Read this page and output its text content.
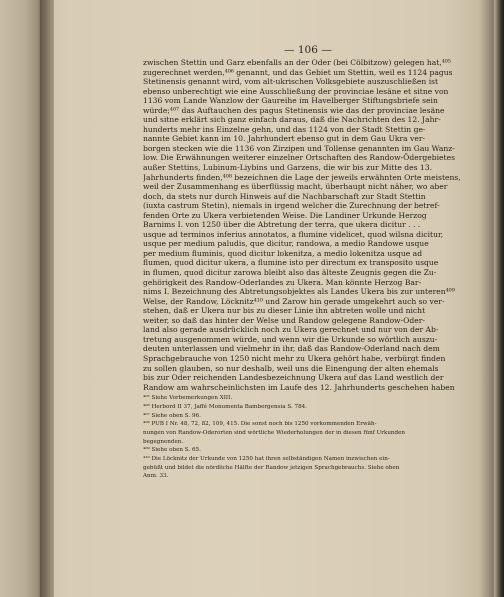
— 106 —
zwischen Stettin und Garz ebenfalls an der Oder (bei Cölbitzow) gelegen hat,⁴⁰⁵
zugerechnet werden,⁴⁰⁶ genannt, und das Gebiet um Stettin, weil es 1124 pagus
Stetinensis genannt wird, vom alt-ukrischen Volksgebiete auszuschließen ist
ebenso unberechtigt wie eine Ausschließung der provinciae lesäne et sitne von
1136 vom Lande Wanzlow der Gaureihe im Havelberger Stiftungsbriefe sein
würde;⁴⁰⁷ das Auftauchen des pagus Stetinensis wie das der provinciae lesäne
und sitne erklärt sich ganz einfach daraus, daß die Nachrichten des 12. Jahr-
hunderts mehr ins Einzelne gehn, und das 1124 von der Stadt Stettin ge-
nannte Gebiet kann im 10. Jahrhundert ebenso gut in dem Gau Ukra ver-
borgen stecken wie die 1136 von Zirzipen und Tollense genannten im Gau Wanz-
low. Die Erwähnungen weiterer einzelner Ortschaften des Randow-Ödergebietes
außer Stettins, Lubinum-Liybins und Garzens, die wir bis zur Mitte des 13.
Jahrhunderts finden,⁴⁰⁸ bezeichnen die Lage der jeweils erwähnten Orte meistens,
weil der Zusammenhang es überflüssig macht, überhaupt nicht näher, wo aber
doch, da stets nur durch Hinweis auf die Nachbarschaft zur Stadt Stettin
(iuxta castrum Stetin), niemals in irgend welcher die Zurechnung der betref-
fenden Orte zu Ukera verbietenden Weise. Die Landiner Urkunde Herzog
Barnims I. von 1250 über die Abtretung der terra, que ukera dicitur . . .
usque ad terminos inferius annotatos, a flumine videlicet, quod wilsna dicitur,
usque per medium paludis, que dicitur, randowa, a medio Randowe usque
per medium fluminis, quod dicitur lokenitza, a medio lokenitza usque ad
flumen, quod dicitur ukera, a flumine isto per directum ex transposito usque
in flumen, quod dicitur zarowa bleibt also das älteste Zeugnis gegen die Zu-
gehörigkeit des Randow-Oderlandes zu Ukera. Man könnte Herzog Bar-
nims I. Bezeichnung des Abtretungsobjektes als Landes Ukera bis zur unteren⁴⁰⁹
Welse, der Randow, Löcknitz⁴¹⁰ und Zarow hin gerade umgekehrt auch so ver-
stehen, daß er Ukera nur bis zu dieser Linie ihn abtreten wolle und nicht
weiter, so daß das hinter der Welse und Randow gelegene Randow-Oder-
land also gerade ausdrücklich noch zu Ukera gerechnet und nur von der Ab-
tretung ausgenommen würde, und wenn wir die Urkunde so wörtlich auszu-
deuten unterlassen und vielmehr in ihr, daß das Randow-Oderland nach dem
Sprachgebrauche von 1250 nicht mehr zu Ukera gehört habe, verbürgt finden
zu sollen glauben, so nur deshalb, weil uns die Einengung der alten ehemals
bis zur Oder reichenden Landesbezeichnung Ukera auf das Land westlich der
Randow am wahrscheinlichsten im Laufe des 12. Jahrhunderts geschehen haben
⁴⁰⁵ Siehe Vorbemerkungen XIII.
⁴⁰⁶ Herbord II 37, Jaffé Monumenta Bambergensia S. 784.
⁴⁰⁷ Siehe oben S. 96.
⁴⁰⁸ PUB I Nr. 48, 72, 82, 109, 415. Die sonst noch bis 1250 vorkommenden Erwäh-
nungen von Randow-Oderorten sind wörtliche Wiederholungen der in diesen fünf Urkunden
begegnenden.
⁴⁰⁹ Siehe oben S. 65.
⁴¹⁰ Die Löcknitz der Urkunde von 1250 hat ihren selbständigen Namen inzwischen ein-
gebüßt und bildet die nördliche Hälfte der Randow jetzigen Sprachgebrauchs. Siehe oben
Anm. 33.
